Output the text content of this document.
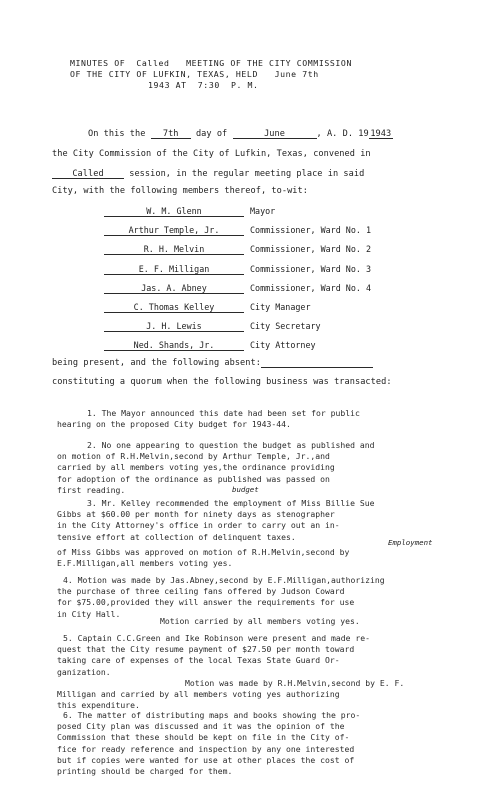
MINUTES OF  Called   MEETING OF THE CITY COMMISSION
OF THE CITY OF LUFKIN, TEXAS, HELD   June 7th
1943 AT  7:30  P. M.
On this the 7th day of	June	, A. D. 19 1943
the City Commission of the City of Lufkin, Texas, convened in
Called	session, in the regular meeting place in said
City, with the following members thereof, to-wit:
W. M. Glenn	Mayor
Arthur Temple, Jr.	Commissioner, Ward No. 1
R. H. Melvin	Commissioner, Ward No. 2
E. F. Milligan	Commissioner, Ward No. 3
Jas. A. Abney	Commissioner, Ward No. 4
C. Thomas Kelley	City Manager
J. H. Lewis	City Secretary
Ned. Shands, Jr.	City Attorney
being present, and the following absent:
constituting a quorum when the following business was transacted:
1. The Mayor announced this date had been set for public
hearing on the proposed City budget for 1943-44.
2. No one appearing to question the budget as published and
on motion of R.H.Melvin,second by Arthur Temple, Jr.,and
carried by all members voting yes,the ordinance providing
for adoption of the ordinance as published was passed on
first reading.	budget
3. Mr. Kelley recommended the employment of Miss Billie Sue
Gibbs at $60.00 per month for ninety days as stenographer
in the City Attorney's office in order to carry out an in-
tensive effort at collection of delinquent taxes.
Employment
of Miss Gibbs was approved on motion of R.H.Melvin,second by
E.F.Milligan,all members voting yes.
4. Motion was made by Jas.Abney,second by E.F.Milligan,authorizing
the purchase of three ceiling fans offered by Judson Coward
for $75.00,provided they will answer the requirements for use
in City Hall.
Motion carried by all members voting yes.
5. Captain C.C.Green and Ike Robinson were present and made re-
quest that the City resume payment of $27.50 per month toward
taking care of expenses of the local Texas State Guard Or-
ganization.
Motion was made by R.H.Melvin,second by E. F.
Milligan and carried by all members voting yes authorizing
this expenditure.
6. The matter of distributing maps and books showing the pro-
posed City plan was discussed and it was the opinion of the
Commission that these should be kept on file in the City of-
fice for ready reference and inspection by any one interested
but if copies were wanted for use at other places the cost of
printing should be charged for them.
